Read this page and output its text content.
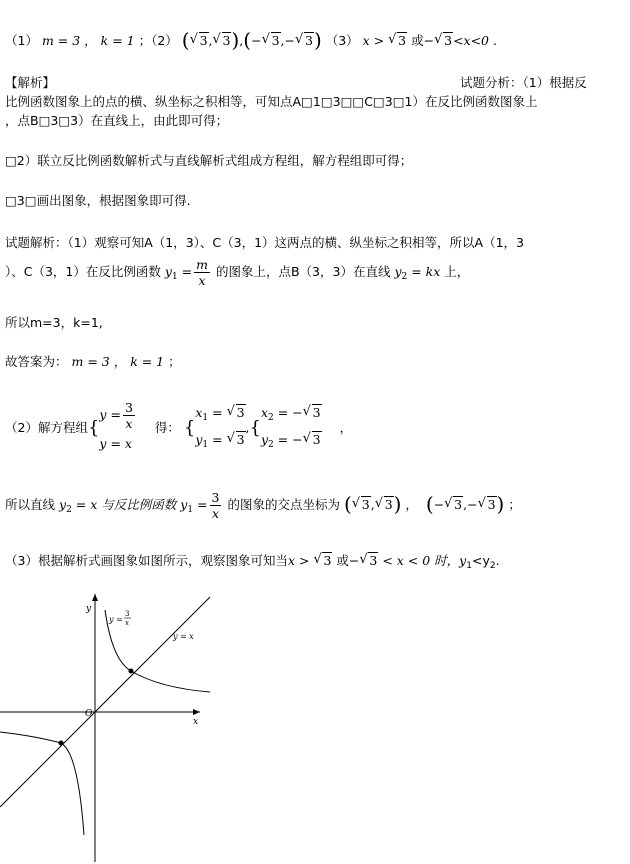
（1） m = 3 ， k = 1 ；（2） ( √ 3, √ 3),(− √ 3,− √ 3) （3） x > √ 3 或− √ 3<x<0 .
【解析】	试题分析：（1）根据反
比例函数图象上的点的横、纵坐标之积相等，可知点A□1□3□□C□3□1）在反比例函数图象上
，点B□3□3）在直线上，由此即可得；
□2）联立反比例函数解析式与直线解析式组成方程组，解方程组即可得；
□3□画出图象，根据图象即可得.
试题解析：（1）观察可知A（1，3）、C（3，1）这两点的横、纵坐标之积相等，所以A（1，3
）、C（3，1）在反比例函数 $y_1 = \frac{m}{x}$ 的图象上，点B（3，3）在直线 $y_2$ = kx 上，
所以m=3，k=1,
故答案为： m = 3 ， k = 1 ；
（2）解方程组{
$y = \frac{3}{x}$
y = x
得： {
$x_1$ = √ 3
$y_1$ = √ 3
,{
$x_2$ = − √ 3
$y_2$ = − √ 3
，
所以直线 $y_2 = x$ 与反比例函数 $y_1 = \frac{3}{x}$ 的图象的交点坐标为 ( √ 3, √ 3) ，  (− √ 3,− √ 3) ；
（3）根据解析式画图象如图所示，观察图象可知当x > √ 3 或− √ 3 < x < 0 时，$y_1<y_2$.
y
x
O
y =
3
x
y = x
